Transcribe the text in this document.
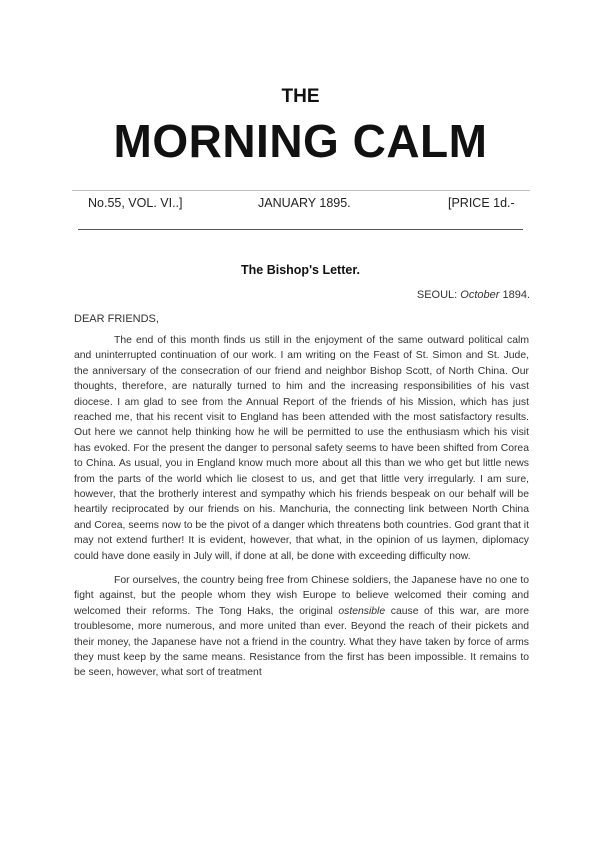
THE
MORNING CALM
No.55, VOL. VI..]	JANUARY 1895.	[PRICE 1d.-
The Bishop's Letter.
SEOUL: October 1894.
DEAR FRIENDS,

The end of this month finds us still in the enjoyment of the same outward political calm and uninterrupted continuation of our work. I am writing on the Feast of St. Simon and St. Jude, the anniversary of the consecration of our friend and neighbor Bishop Scott, of North China. Our thoughts, therefore, are naturally turned to him and the increasing responsibilities of his vast diocese. I am glad to see from the Annual Report of the friends of his Mission, which has just reached me, that his recent visit to England has been attended with the most satisfactory results. Out here we cannot help thinking how he will be permitted to use the enthusiasm which his visit has evoked. For the present the danger to personal safety seems to have been shifted from Corea to China. As usual, you in England know much more about all this than we who get but little news from the parts of the world which lie closest to us, and get that little very irregularly. I am sure, however, that the brotherly interest and sympathy which his friends bespeak on our behalf will be heartily reciprocated by our friends on his. Manchuria, the connecting link between North China and Corea, seems now to be the pivot of a danger which threatens both countries. God grant that it may not extend further! It is evident, however, that what, in the opinion of us laymen, diplomacy could have done easily in July will, if done at all, be done with exceeding difficulty now.

For ourselves, the country being free from Chinese soldiers, the Japanese have no one to fight against, but the people whom they wish Europe to believe welcomed their coming and welcomed their reforms. The Tong Haks, the original ostensible cause of this war, are more troublesome, more numerous, and more united than ever. Beyond the reach of their pickets and their money, the Japanese have not a friend in the country. What they have taken by force of arms they must keep by the same means. Resistance from the first has been impossible. It remains to be seen, however, what sort of treatment
